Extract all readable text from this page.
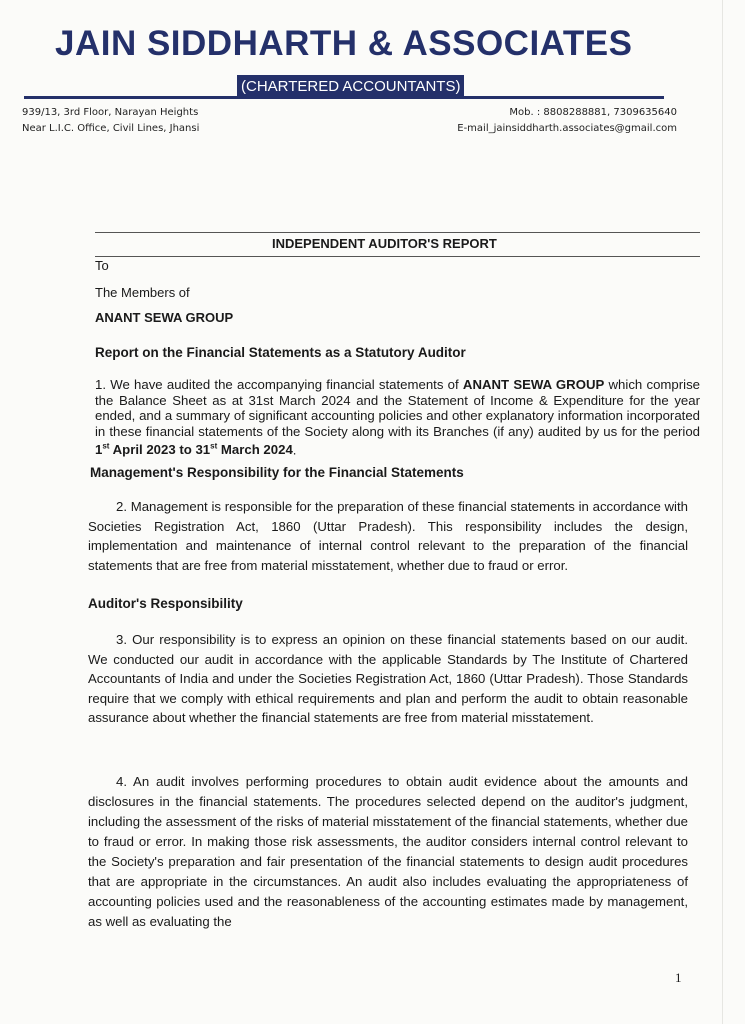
JAIN SIDDHARTH & ASSOCIATES
(CHARTERED ACCOUNTANTS)
939/13, 3rd Floor, Narayan Heights
Near L.I.C. Office, Civil Lines, Jhansi
Mob. : 8808288881, 7309635640
E-mail_jainsiddharth.associates@gmail.com
INDEPENDENT AUDITOR'S REPORT
To
The Members of
ANANT SEWA GROUP
Report on the Financial Statements as a Statutory Auditor
1. We have audited the accompanying financial statements of ANANT SEWA GROUP which comprise the Balance Sheet as at 31st March 2024 and the Statement of Income & Expenditure for the year ended, and a summary of significant accounting policies and other explanatory information incorporated in these financial statements of the Society along with its Branches (if any) audited by us for the period 1st April 2023 to 31st March 2024.
Management's Responsibility for the Financial Statements
2. Management is responsible for the preparation of these financial statements in accordance with Societies Registration Act, 1860 (Uttar Pradesh). This responsibility includes the design, implementation and maintenance of internal control relevant to the preparation of the financial statements that are free from material misstatement, whether due to fraud or error.
Auditor's Responsibility
3. Our responsibility is to express an opinion on these financial statements based on our audit. We conducted our audit in accordance with the applicable Standards by The Institute of Chartered Accountants of India and under the Societies Registration Act, 1860 (Uttar Pradesh). Those Standards require that we comply with ethical requirements and plan and perform the audit to obtain reasonable assurance about whether the financial statements are free from material misstatement.
4. An audit involves performing procedures to obtain audit evidence about the amounts and disclosures in the financial statements. The procedures selected depend on the auditor's judgment, including the assessment of the risks of material misstatement of the financial statements, whether due to fraud or error. In making those risk assessments, the auditor considers internal control relevant to the Society's preparation and fair presentation of the financial statements to design audit procedures that are appropriate in the circumstances. An audit also includes evaluating the appropriateness of accounting policies used and the reasonableness of the accounting estimates made by management, as well as evaluating the
1
